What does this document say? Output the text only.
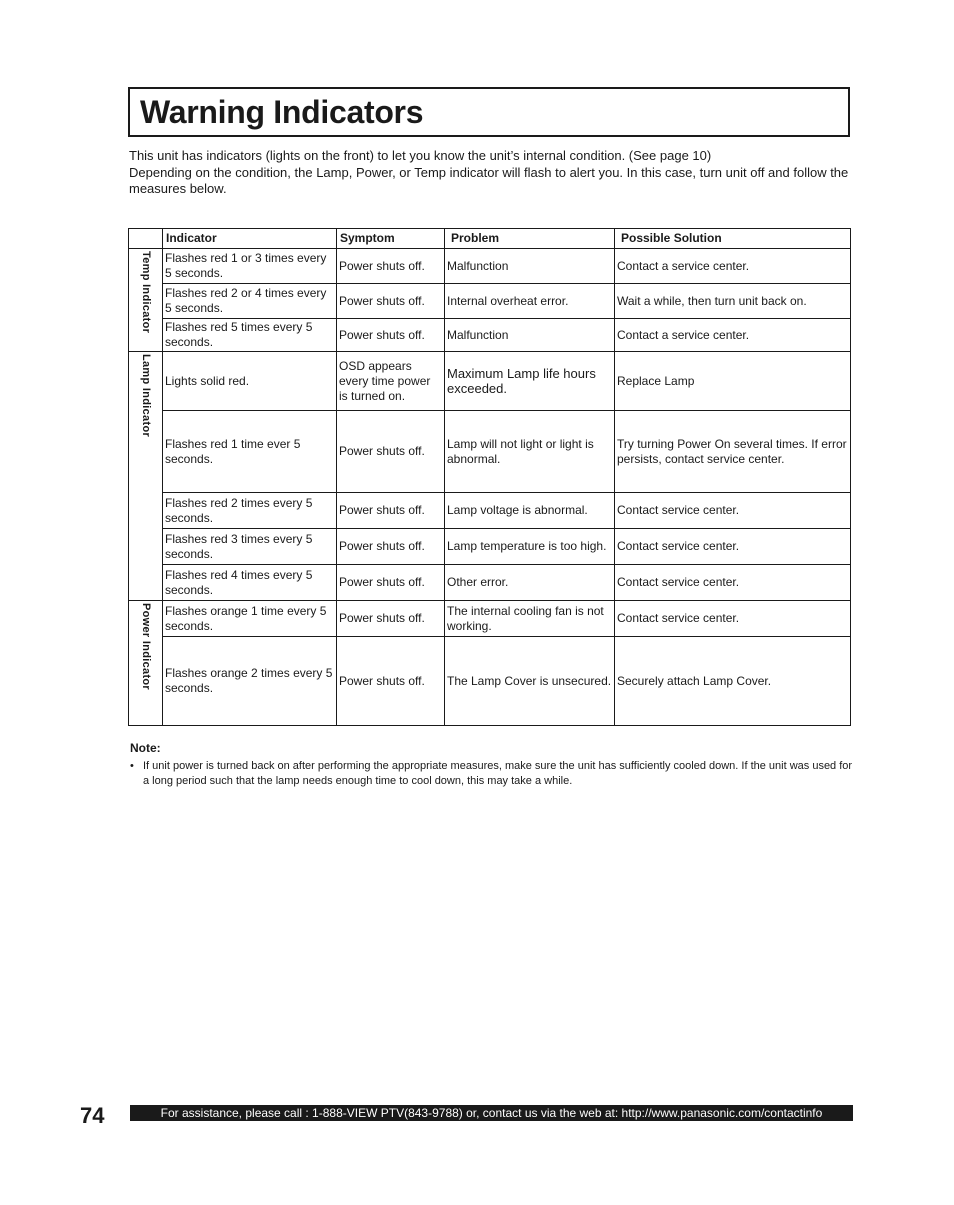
Warning Indicators

This unit has indicators (lights on the front) to let you know the unit’s internal condition. (See page 10)

Depending on the condition, the Lamp, Power, or Temp indicator will flash to alert you. In this case, turn unit off and follow the measures below.

	Indicator	Symptom	Problem	Possible Solution

Temp Indicator	Flashes red 1 or 3 times every 5 seconds.	Power shuts off.	Malfunction	Contact a service center.
	Flashes red 2 or 4 times every 5 seconds.	Power shuts off.	Internal overheat error.	Wait a while, then turn unit back on.
	Flashes red 5 times every 5 seconds.	Power shuts off.	Malfunction	Contact a service center.

Lamp Indicator	Lights solid red.	OSD appears every time power is turned on.	Maximum Lamp life hours exceeded.	Replace Lamp
	Flashes red 1 time ever 5 seconds.	Power shuts off.	Lamp will not light or light is abnormal.	Try turning Power On several times. If error persists, contact service center.
	Flashes red 2 times every 5 seconds.	Power shuts off.	Lamp voltage is abnormal.	Contact service center.
	Flashes red 3 times every 5 seconds.	Power shuts off.	Lamp temperature is too high.	Contact service center.
	Flashes red 4 times every 5 seconds.	Power shuts off.	Other error.	Contact service center.

Power Indicator	Flashes orange 1 time every 5 seconds.	Power shuts off.	The internal cooling fan is not working.	Contact service center.
	Flashes orange 2 times every 5 seconds.	Power shuts off.	The Lamp Cover is unsecured.	Securely attach Lamp Cover.
Note:
• If unit power is turned back on after performing the appropriate measures, make sure the unit has sufficiently cooled down. If the unit was used for a long period such that the lamp needs enough time to cool down, this may take a while.
74	For assistance, please call : 1-888-VIEW PTV(843-9788) or, contact us via the web at: http://www.panasonic.com/contactinfo
